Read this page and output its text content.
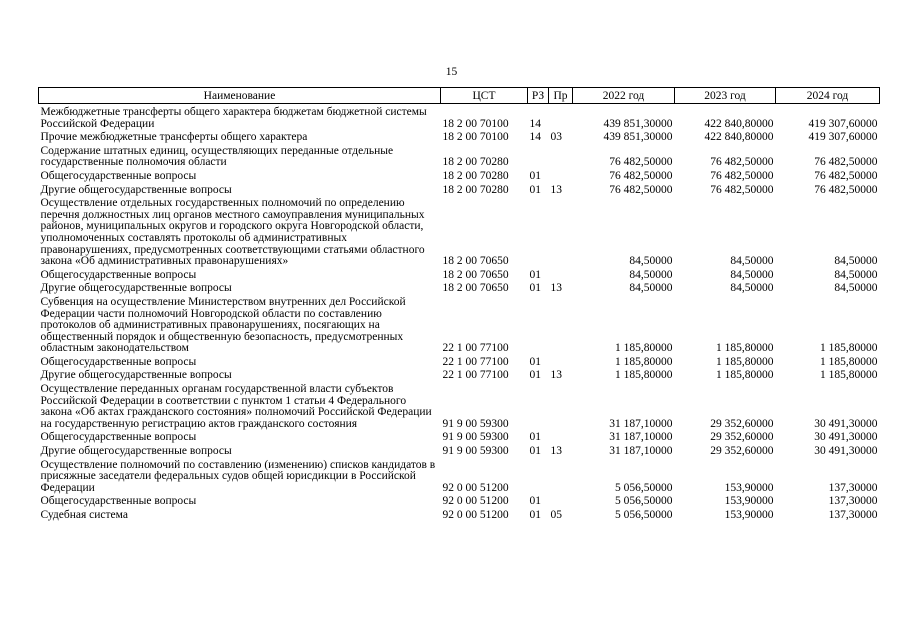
15
Наименование	ЦСТ	РЗ	Пр	2022 год	2023 год	2024 год
Межбюджетные трансферты общего характера бюджетам бюджетной системы Российской Федерации	18 2 00 70100	14		439 851,30000	422 840,80000	419 307,60000
Прочие межбюджетные трансферты общего характера	18 2 00 70100	14	03	439 851,30000	422 840,80000	419 307,60000
Содержание штатных единиц, осуществляющих переданные отдельные государственные полномочия области	18 2 00 70280			76 482,50000	76 482,50000	76 482,50000
Общегосударственные вопросы	18 2 00 70280	01		76 482,50000	76 482,50000	76 482,50000
Другие общегосударственные вопросы	18 2 00 70280	01	13	76 482,50000	76 482,50000	76 482,50000
Осуществление отдельных государственных полномочий по определению перечня должностных лиц органов местного самоуправления муниципальных районов, муниципальных округов и городского округа Новгородской области, уполномоченных составлять протоколы об административных правонарушениях, предусмотренных соответствующими статьями областного закона «Об административных правонарушениях»	18 2 00 70650			84,50000	84,50000	84,50000
Общегосударственные вопросы	18 2 00 70650	01		84,50000	84,50000	84,50000
Другие общегосударственные вопросы	18 2 00 70650	01	13	84,50000	84,50000	84,50000
Субвенция на осуществление Министерством внутренних дел Российской Федерации части полномочий Новгородской области по составлению протоколов об административных правонарушениях, посягающих на общественный порядок и общественную безопасность, предусмотренных областным законодательством	22 1 00 77100			1 185,80000	1 185,80000	1 185,80000
Общегосударственные вопросы	22 1 00 77100	01		1 185,80000	1 185,80000	1 185,80000
Другие общегосударственные вопросы	22 1 00 77100	01	13	1 185,80000	1 185,80000	1 185,80000
Осуществление переданных органам государственной власти субъектов Российской Федерации в соответствии с пунктом 1 статьи 4 Федерального закона «Об актах гражданского состояния» полномочий Российской Федерации на государственную регистрацию актов гражданского состояния	91 9 00 59300			31 187,10000	29 352,60000	30 491,30000
Общегосударственные вопросы	91 9 00 59300	01		31 187,10000	29 352,60000	30 491,30000
Другие общегосударственные вопросы	91 9 00 59300	01	13	31 187,10000	29 352,60000	30 491,30000
Осуществление полномочий по составлению (изменению) списков кандидатов в присяжные заседатели федеральных судов общей юрисдикции в Российской Федерации	92 0 00 51200			5 056,50000	153,90000	137,30000
Общегосударственные вопросы	92 0 00 51200	01		5 056,50000	153,90000	137,30000
Судебная система	92 0 00 51200	01	05	5 056,50000	153,90000	137,30000
